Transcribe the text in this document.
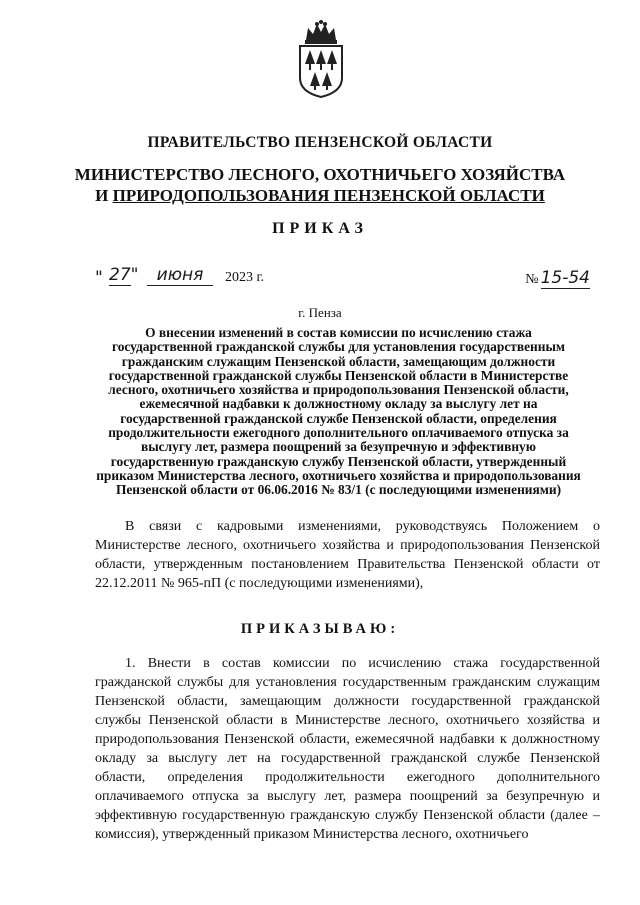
ПРАВИТЕЛЬСТВО ПЕНЗЕНСКОЙ ОБЛАСТИ
МИНИСТЕРСТВО ЛЕСНОГО, ОХОТНИЧЬЕГО ХОЗЯЙСТВА
И ПРИРОДОПОЛЬЗОВАНИЯ ПЕНЗЕНСКОЙ ОБЛАСТИ
ПРИКАЗ
" 27"	июня	2023 г.	№ 15-54
г. Пенза
О внесении изменений в состав комиссии по исчислению стажа государственной гражданской службы для установления государственным гражданским служащим Пензенской области, замещающим должности государственной гражданской службы Пензенской области в Министерстве лесного, охотничьего хозяйства и природопользования Пензенской области, ежемесячной надбавки к должностному окладу за выслугу лет на государственной гражданской службе Пензенской области, определения продолжительности ежегодного дополнительного оплачиваемого отпуска за выслугу лет, размера поощрений за безупречную и эффективную государственную гражданскую службу Пензенской области, утвержденный приказом Министерства лесного, охотничьего хозяйства и природопользования Пензенской области от 06.06.2016 № 83/1 (с последующими изменениями)
В связи с кадровыми изменениями, руководствуясь Положением о Министерстве лесного, охотничьего хозяйства и природопользования Пензенской области, утвержденным постановлением Правительства Пензенской области от 22.12.2011 № 965-пП (с последующими изменениями),
ПРИКАЗЫВАЮ:
1. Внести в состав комиссии по исчислению стажа государственной гражданской службы для установления государственным гражданским служащим Пензенской области, замещающим должности государственной гражданской службы Пензенской области в Министерстве лесного, охотничьего хозяйства и природопользования Пензенской области, ежемесячной надбавки к должностному окладу за выслугу лет на государственной гражданской службе Пензенской области, определения продолжительности ежегодного дополнительного оплачиваемого отпуска за выслугу лет, размера поощрений за безупречную и эффективную государственную гражданскую службу Пензенской области (далее – комиссия), утвержденный приказом Министерства лесного, охотничьего
